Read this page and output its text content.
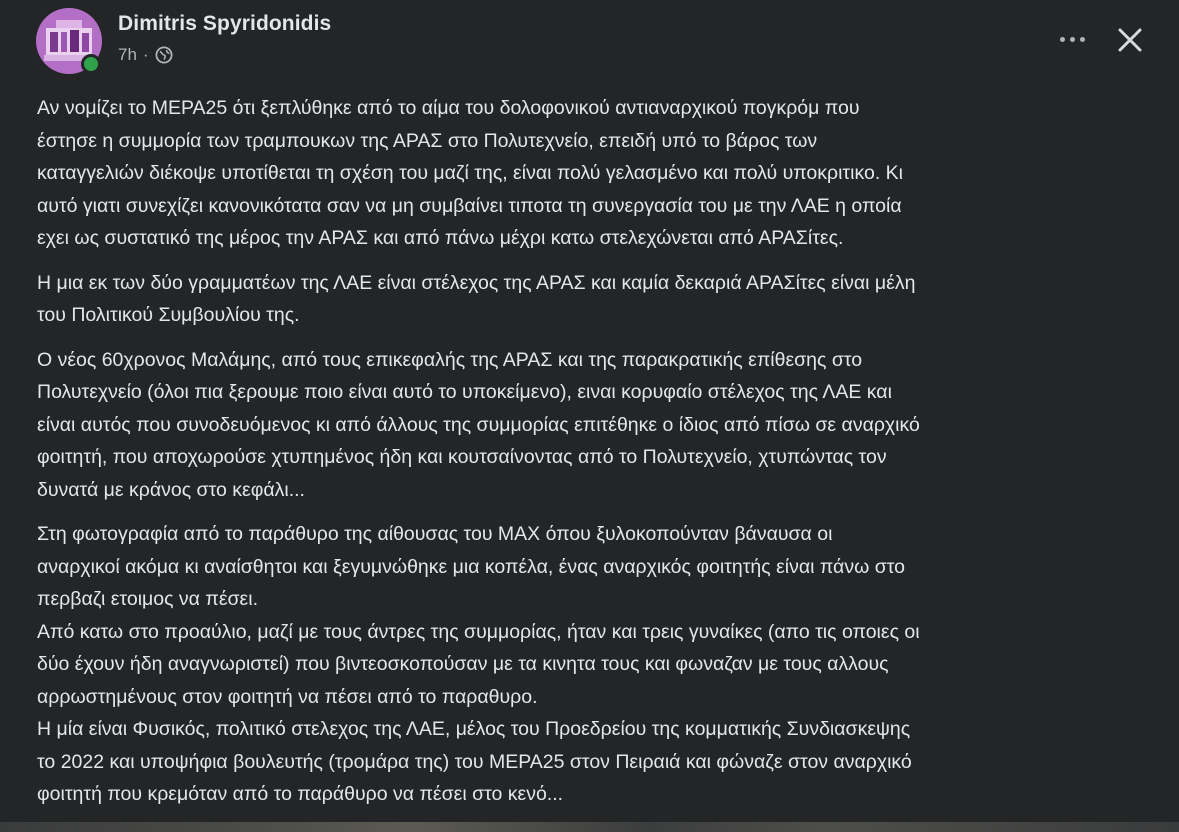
Dimitris Spyridonidis
7h ·

Αν νομίζει το ΜΕΡΑ25 ότι ξεπλύθηκε από το αίμα του δολοφονικού αντιαναρχικού πογκρόμ που
έστησε η συμμορία των τραμπουκων της ΑΡΑΣ στο Πολυτεχνείο, επειδή υπό το βάρος των
καταγγελιών διέκοψε υποτίθεται τη σχέση του μαζί της, είναι πολύ γελασμένο και πολύ υποκριτικο. Κι
αυτό γιατι συνεχίζει κανονικότατα σαν να μη συμβαίνει τιποτα τη συνεργασία του με την ΛΑΕ η οποία
εχει ως συστατικό της μέρος την ΑΡΑΣ και από πάνω μέχρι κατω στελεχώνεται από ΑΡΑΣίτες.

Η μια εκ των δύο γραμματέων της ΛΑΕ είναι στέλεχος της ΑΡΑΣ και καμία δεκαριά ΑΡΑΣίτες είναι μέλη
του Πολιτικού Συμβουλίου της.

Ο νέος 60χρονος Μαλάμης, από τους επικεφαλής της ΑΡΑΣ και της παρακρατικής επίθεσης στο
Πολυτεχνείο (όλοι πια ξερουμε ποιο είναι αυτό το υποκείμενο), ειναι κορυφαίο στέλεχος της ΛΑΕ και
είναι αυτός που συνοδευόμενος κι από άλλους της συμμορίας επιτέθηκε ο ίδιος από πίσω σε αναρχικό
φοιτητή, που αποχωρούσε χτυπημένος ήδη και κουτσαίνοντας από το Πολυτεχνείο, χτυπώντας τον
δυνατά με κράνος στο κεφάλι...

Στη φωτογραφία από το παράθυρο της αίθουσας του ΜΑΧ όπου ξυλοκοπούνταν βάναυσα οι
αναρχικοί ακόμα κι αναίσθητοι και ξεγυμνώθηκε μια κοπέλα, ένας αναρχικός φοιτητής είναι πάνω στο
περβαζι ετοιμος να πέσει.
Από κατω στο προαύλιο, μαζί με τους άντρες της συμμορίας, ήταν και τρεις γυναίκες (απο τις οποιες οι
δύο έχουν ήδη αναγνωριστεί) που βιντεοσκοπούσαν με τα κινητα τους και φωναζαν με τους αλλους
αρρωστημένους στον φοιτητή να πέσει από το παραθυρο.
Η μία είναι Φυσικός, πολιτικό στελεχος της ΛΑΕ, μέλος του Προεδρείου της κομματικής Συνδιασκεψης
το 2022 και υποψήφια βουλευτής (τρομάρα της) του ΜΕΡΑ25 στον Πειραιά και φώναζε στον αναρχικό
φοιτητή που κρεμόταν από το παράθυρο να πέσει στο κενό...
